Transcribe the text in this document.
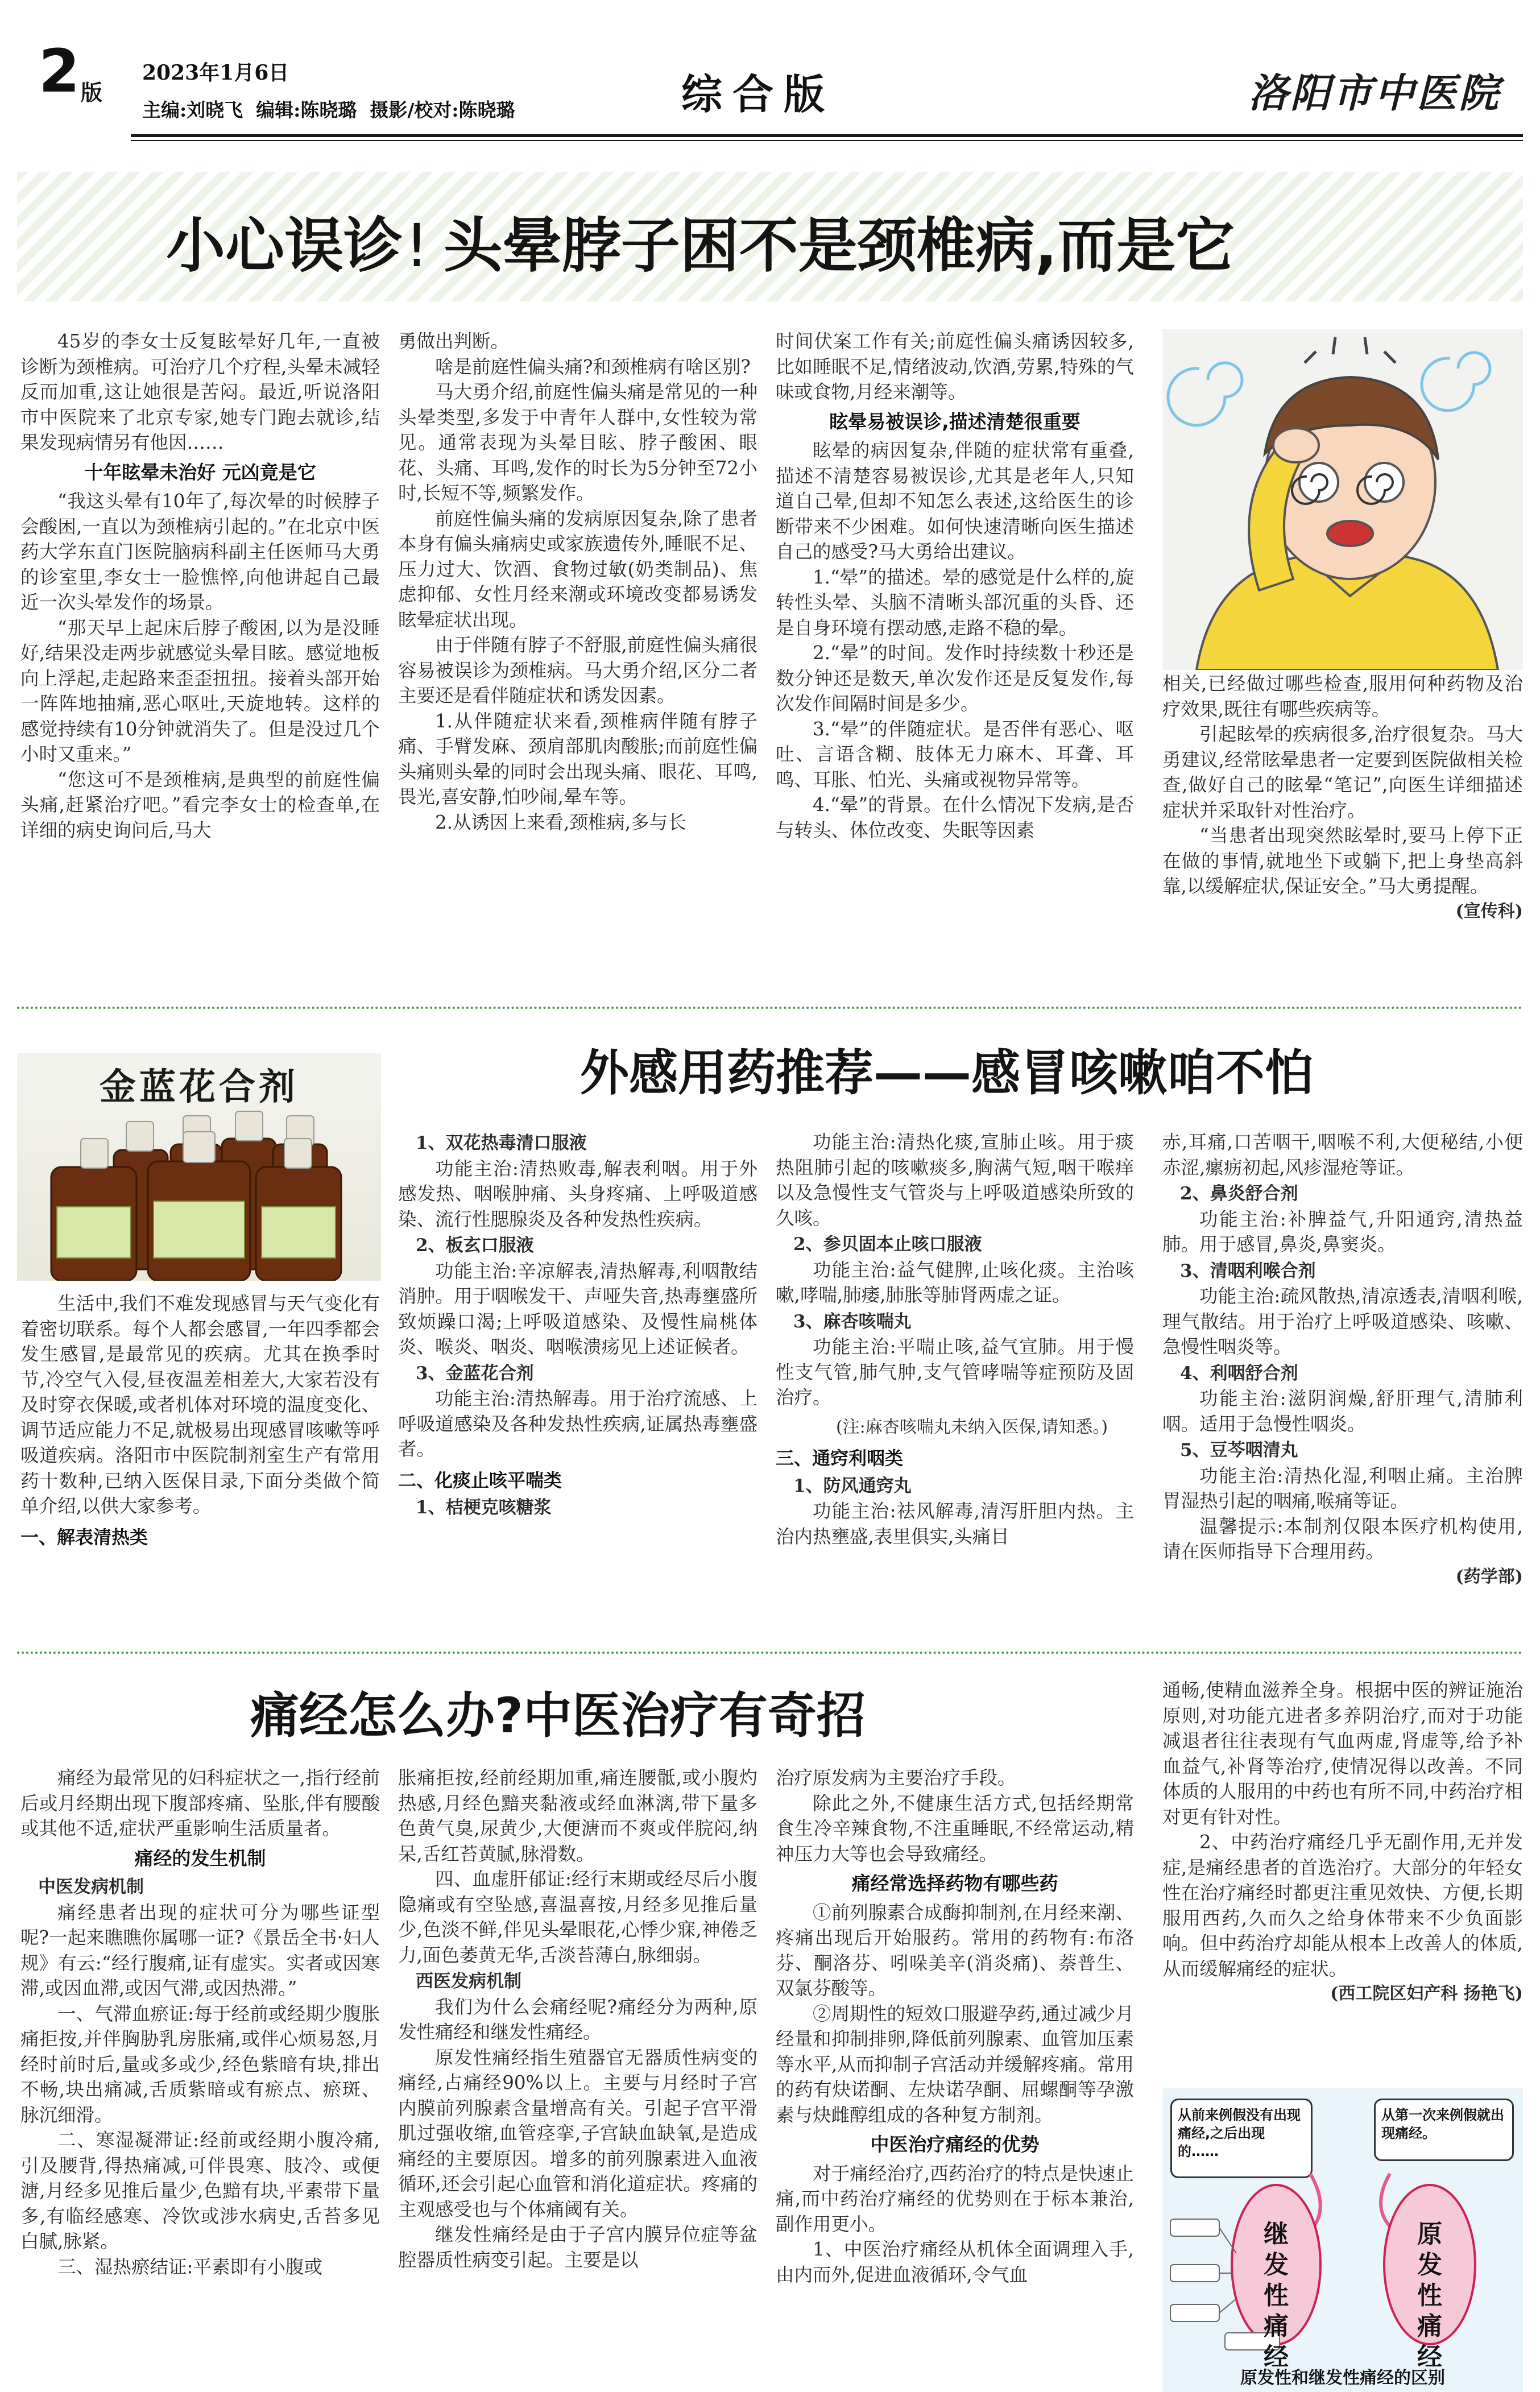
2 版
2023年1月6日
主编:刘晓飞  编辑:陈晓璐  摄影/校对:陈晓璐	综合版	洛阳市中医院
小心误诊! 头晕脖子困不是颈椎病,而是它

45岁的李女士反复眩晕好几年,一直被诊断为颈椎病。可治疗几个疗程,头晕未减轻反而加重,这让她很是苦闷。最近,听说洛阳市中医院来了北京专家,她专门跑去就诊,结果发现病情另有他因……

十年眩晕未治好 元凶竟是它

“我这头晕有10年了,每次晕的时候脖子会酸困,一直以为颈椎病引起的。”在北京中医药大学东直门医院脑病科副主任医师马大勇的诊室里,李女士一脸憔悴,向他讲起自己最近一次头晕发作的场景。

“那天早上起床后脖子酸困,以为是没睡好,结果没走两步就感觉头晕目眩。感觉地板向上浮起,走起路来歪歪扭扭。接着头部开始一阵阵地抽痛,恶心呕吐,天旋地转。这样的感觉持续有10分钟就消失了。但是没过几个小时又重来。”

“您这可不是颈椎病,是典型的前庭性偏头痛,赶紧治疗吧。”看完李女士的检查单,在详细的病史询问后,马大

勇做出判断。

啥是前庭性偏头痛?和颈椎病有啥区别?

马大勇介绍,前庭性偏头痛是常见的一种头晕类型,多发于中青年人群中,女性较为常见。通常表现为头晕目眩、脖子酸困、眼花、头痛、耳鸣,发作的时长为5分钟至72小时,长短不等,频繁发作。

前庭性偏头痛的发病原因复杂,除了患者本身有偏头痛病史或家族遗传外,睡眠不足、压力过大、饮酒、食物过敏(奶类制品)、焦虑抑郁、女性月经来潮或环境改变都易诱发眩晕症状出现。

由于伴随有脖子不舒服,前庭性偏头痛很容易被误诊为颈椎病。马大勇介绍,区分二者主要还是看伴随症状和诱发因素。

1.从伴随症状来看,颈椎病伴随有脖子痛、手臂发麻、颈肩部肌肉酸胀;而前庭性偏头痛则头晕的同时会出现头痛、眼花、耳鸣,畏光,喜安静,怕吵闹,晕车等。

2.从诱因上来看,颈椎病,多与长

时间伏案工作有关;前庭性偏头痛诱因较多,比如睡眠不足,情绪波动,饮酒,劳累,特殊的气味或食物,月经来潮等。

眩晕易被误诊,描述清楚很重要

眩晕的病因复杂,伴随的症状常有重叠,描述不清楚容易被误诊,尤其是老年人,只知道自己晕,但却不知怎么表述,这给医生的诊断带来不少困难。如何快速清晰向医生描述自己的感受?马大勇给出建议。

1.“晕”的描述。晕的感觉是什么样的,旋转性头晕、头脑不清晰头部沉重的头昏、还是自身环境有摆动感,走路不稳的晕。

2.“晕”的时间。发作时持续数十秒还是数分钟还是数天,单次发作还是反复发作,每次发作间隔时间是多少。

3.“晕”的伴随症状。是否伴有恶心、呕吐、言语含糊、肢体无力麻木、耳聋、耳鸣、耳胀、怕光、头痛或视物异常等。

4.“晕”的背景。在什么情况下发病,是否与转头、体位改变、失眠等因素

相关,已经做过哪些检查,服用何种药物及治疗效果,既往有哪些疾病等。

引起眩晕的疾病很多,治疗很复杂。马大勇建议,经常眩晕患者一定要到医院做相关检查,做好自己的眩晕“笔记”,向医生详细描述症状并采取针对性治疗。

“当患者出现突然眩晕时,要马上停下正在做的事情,就地坐下或躺下,把上身垫高斜靠,以缓解症状,保证安全。”马大勇提醒。

(宣传科)

金蓝花合剂	外感用药推荐——感冒咳嗽咱不怕

生活中,我们不难发现感冒与天气变化有着密切联系。每个人都会感冒,一年四季都会发生感冒,是最常见的疾病。尤其在换季时节,冷空气入侵,昼夜温差相差大,大家若没有及时穿衣保暖,或者机体对环境的温度变化、调节适应能力不足,就极易出现感冒咳嗽等呼吸道疾病。洛阳市中医院制剂室生产有常用药十数种,已纳入医保目录,下面分类做个简单介绍,以供大家参考。

一、解表清热类

1、双花热毒清口服液

功能主治:清热败毒,解表利咽。用于外感发热、咽喉肿痛、头身疼痛、上呼吸道感染、流行性腮腺炎及各种发热性疾病。

2、板玄口服液

功能主治:辛凉解表,清热解毒,利咽散结消肿。用于咽喉发干、声哑失音,热毒壅盛所致烦躁口渴;上呼吸道感染、及慢性扁桃体炎、喉炎、咽炎、咽喉溃疡见上述证候者。

3、金蓝花合剂

功能主治:清热解毒。用于治疗流感、上呼吸道感染及各种发热性疾病,证属热毒壅盛者。

二、化痰止咳平喘类

1、桔梗克咳糖浆

功能主治:清热化痰,宣肺止咳。用于痰热阻肺引起的咳嗽痰多,胸满气短,咽干喉痒以及急慢性支气管炎与上呼吸道感染所致的久咳。

2、参贝固本止咳口服液

功能主治:益气健脾,止咳化痰。主治咳嗽,哮喘,肺痿,肺胀等肺肾两虚之证。

3、麻杏咳喘丸

功能主治:平喘止咳,益气宣肺。用于慢性支气管,肺气肿,支气管哮喘等症预防及固治疗。

(注:麻杏咳喘丸未纳入医保,请知悉。)

三、通窍利咽类

1、防风通窍丸

功能主治:祛风解毒,清泻肝胆内热。主治内热壅盛,表里俱实,头痛目

赤,耳痛,口苦咽干,咽喉不利,大便秘结,小便赤涩,瘰疬初起,风疹湿疮等证。

2、鼻炎舒合剂

功能主治:补脾益气,升阳通窍,清热益肺。用于感冒,鼻炎,鼻窦炎。

3、清咽利喉合剂

功能主治:疏风散热,清凉透表,清咽利喉,理气散结。用于治疗上呼吸道感染、咳嗽、急慢性咽炎等。

4、利咽舒合剂

功能主治:滋阴润燥,舒肝理气,清肺利咽。适用于急慢性咽炎。

5、豆芩咽清丸

功能主治:清热化湿,利咽止痛。主治脾胃湿热引起的咽痛,喉痛等证。

温馨提示:本制剂仅限本医疗机构使用,请在医师指导下合理用药。

(药学部)

痛经怎么办?中医治疗有奇招

痛经为最常见的妇科症状之一,指行经前后或月经期出现下腹部疼痛、坠胀,伴有腰酸或其他不适,症状严重影响生活质量者。

痛经的发生机制

中医发病机制

痛经患者出现的症状可分为哪些证型呢?一起来瞧瞧你属哪一证?《景岳全书·妇人规》有云:“经行腹痛,证有虚实。实者或因寒滞,或因血滞,或因气滞,或因热滞。”

一、气滞血瘀证:每于经前或经期少腹胀痛拒按,并伴胸胁乳房胀痛,或伴心烦易怒,月经时前时后,量或多或少,经色紫暗有块,排出不畅,块出痛减,舌质紫暗或有瘀点、瘀斑、脉沉细滑。

二、寒湿凝滞证:经前或经期小腹冷痛,引及腰背,得热痛减,可伴畏寒、肢冷、或便溏,月经多见推后量少,色黯有块,平素带下量多,有临经感寒、冷饮或涉水病史,舌苔多见白腻,脉紧。

三、湿热瘀结证:平素即有小腹或

胀痛拒按,经前经期加重,痛连腰骶,或小腹灼热感,月经色黯夹黏液或经血淋漓,带下量多色黄气臭,尿黄少,大便溏而不爽或伴脘闷,纳呆,舌红苔黄腻,脉滑数。

四、血虚肝郁证:经行末期或经尽后小腹隐痛或有空坠感,喜温喜按,月经多见推后量少,色淡不鲜,伴见头晕眼花,心悸少寐,神倦乏力,面色萎黄无华,舌淡苔薄白,脉细弱。

西医发病机制

我们为什么会痛经呢?痛经分为两种,原发性痛经和继发性痛经。

原发性痛经指生殖器官无器质性病变的痛经,占痛经90%以上。主要与月经时子宫内膜前列腺素含量增高有关。引起子宫平滑肌过强收缩,血管痉挛,子宫缺血缺氧,是造成痛经的主要原因。增多的前列腺素进入血液循环,还会引起心血管和消化道症状。疼痛的主观感受也与个体痛阈有关。

继发性痛经是由于子宫内膜异位症等盆腔器质性病变引起。主要是以

治疗原发病为主要治疗手段。

除此之外,不健康生活方式,包括经期常食生冷辛辣食物,不注重睡眠,不经常运动,精神压力大等也会导致痛经。

痛经常选择药物有哪些药

①前列腺素合成酶抑制剂,在月经来潮、疼痛出现后开始服药。常用的药物有:布洛芬、酮洛芬、吲哚美辛(消炎痛)、萘普生、双氯芬酸等。

②周期性的短效口服避孕药,通过减少月经量和抑制排卵,降低前列腺素、血管加压素等水平,从而抑制子宫活动并缓解疼痛。常用的药有炔诺酮、左炔诺孕酮、屈螺酮等孕激素与炔雌醇组成的各种复方制剂。

中医治疗痛经的优势

对于痛经治疗,西药治疗的特点是快速止痛,而中药治疗痛经的优势则在于标本兼治,副作用更小。

1、中医治疗痛经从机体全面调理入手,由内而外,促进血液循环,令气血

通畅,使精血滋养全身。根据中医的辨证施治原则,对功能亢进者多养阴治疗,而对于功能减退者往往表现有气血两虚,肾虚等,给予补血益气,补肾等治疗,使情况得以改善。不同体质的人服用的中药也有所不同,中药治疗相对更有针对性。

2、中药治疗痛经几乎无副作用,无并发症,是痛经患者的首选治疗。大部分的年轻女性在治疗痛经时都更注重见效快、方便,长期服用西药,久而久之给身体带来不少负面影响。但中药治疗却能从根本上改善人的体质,从而缓解痛经的症状。

(西工院区妇产科 扬艳飞)

从前来例假没有出现痛经,之后出现的……
从第一次来例假就出现痛经。
继发性痛经
原发性痛经
原发性和继发性痛经的区别
